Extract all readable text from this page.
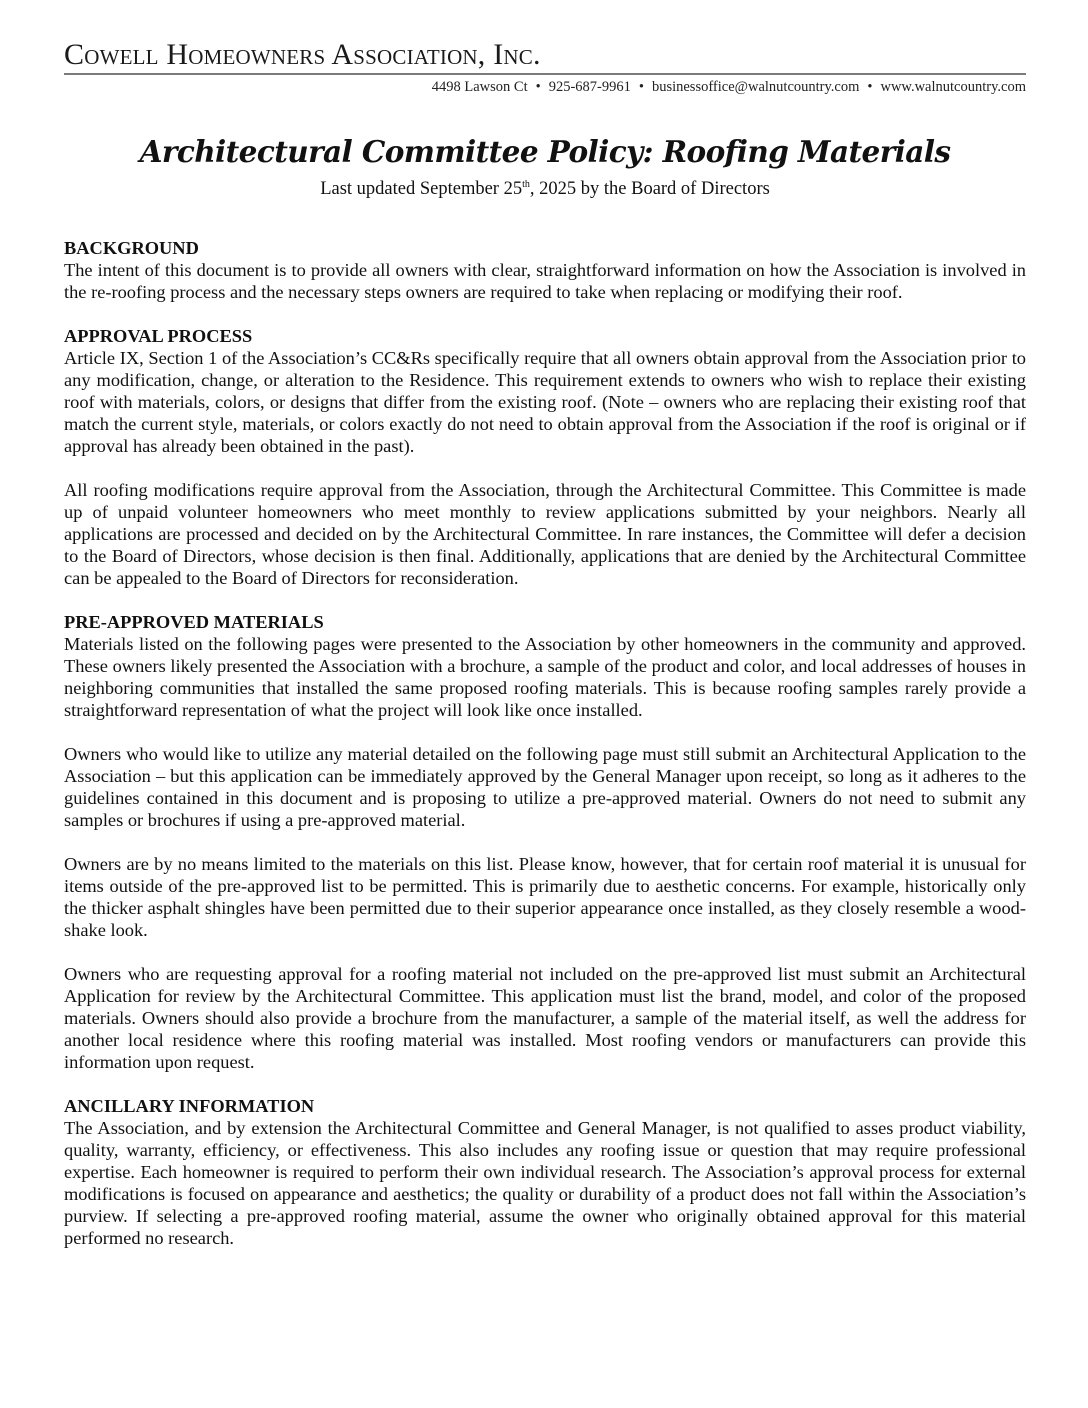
Cowell Homeowners Association, Inc.
4498 Lawson Ct • 925-687-9961 • businessoffice@walnutcountry.com • www.walnutcountry.com
Architectural Committee Policy: Roofing Materials
Last updated September 25th, 2025 by the Board of Directors

BACKGROUND

The intent of this document is to provide all owners with clear, straightforward information on how the Association is involved in the re-roofing process and the necessary steps owners are required to take when replacing or modifying their roof.

APPROVAL PROCESS

Article IX, Section 1 of the Association’s CC&Rs specifically require that all owners obtain approval from the Association prior to any modification, change, or alteration to the Residence. This requirement extends to owners who wish to replace their existing roof with materials, colors, or designs that differ from the existing roof. (Note – owners who are replacing their existing roof that match the current style, materials, or colors exactly do not need to obtain approval from the Association if the roof is original or if approval has already been obtained in the past).

All roofing modifications require approval from the Association, through the Architectural Committee. This Committee is made up of unpaid volunteer homeowners who meet monthly to review applications submitted by your neighbors. Nearly all applications are processed and decided on by the Architectural Committee. In rare instances, the Committee will defer a decision to the Board of Directors, whose decision is then final. Additionally, applications that are denied by the Architectural Committee can be appealed to the Board of Directors for reconsideration.

PRE-APPROVED MATERIALS

Materials listed on the following pages were presented to the Association by other homeowners in the community and approved. These owners likely presented the Association with a brochure, a sample of the product and color, and local addresses of houses in neighboring communities that installed the same proposed roofing materials. This is because roofing samples rarely provide a straightforward representation of what the project will look like once installed.

Owners who would like to utilize any material detailed on the following page must still submit an Architectural Application to the Association – but this application can be immediately approved by the General Manager upon receipt, so long as it adheres to the guidelines contained in this document and is proposing to utilize a pre-approved material. Owners do not need to submit any samples or brochures if using a pre-approved material.

Owners are by no means limited to the materials on this list. Please know, however, that for certain roof material it is unusual for items outside of the pre-approved list to be permitted. This is primarily due to aesthetic concerns. For example, historically only the thicker asphalt shingles have been permitted due to their superior appearance once installed, as they closely resemble a wood-shake look.

Owners who are requesting approval for a roofing material not included on the pre-approved list must submit an Architectural Application for review by the Architectural Committee. This application must list the brand, model, and color of the proposed materials. Owners should also provide a brochure from the manufacturer, a sample of the material itself, as well the address for another local residence where this roofing material was installed. Most roofing vendors or manufacturers can provide this information upon request.

ANCILLARY INFORMATION

The Association, and by extension the Architectural Committee and General Manager, is not qualified to asses product viability, quality, warranty, efficiency, or effectiveness. This also includes any roofing issue or question that may require professional expertise. Each homeowner is required to perform their own individual research. The Association’s approval process for external modifications is focused on appearance and aesthetics; the quality or durability of a product does not fall within the Association’s purview. If selecting a pre-approved roofing material, assume the owner who originally obtained approval for this material performed no research.
